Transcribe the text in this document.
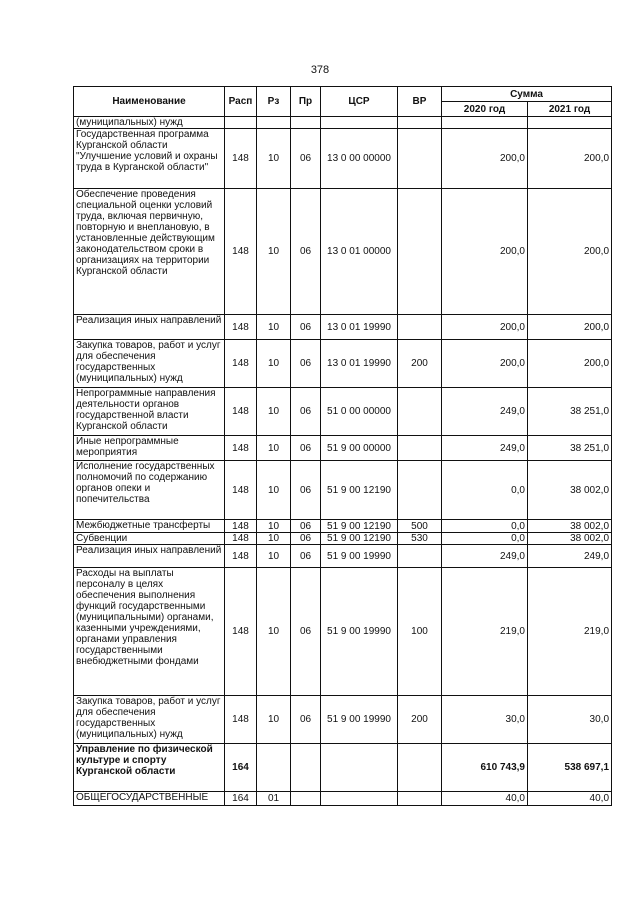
378
Наименование	Расп	Рз	Пр	ЦСР	ВР	Сумма	
						2020 год	2021 год
(муниципальных) нужд							
Государственная программа Курганской области "Улучшение условий и охраны труда в Курганской области"	148	10	06	13 0 00 00000		200,0	200,0
Обеспечение проведения специальной оценки условий труда, включая первичную, повторную и внеплановую, в установленные действующим законодательством сроки в организациях на территории Курганской области	148	10	06	13 0 01 00000		200,0	200,0
Реализация иных направлений	148	10	06	13 0 01 19990		200,0	200,0
Закупка товаров, работ и услуг для обеспечения государственных (муниципальных) нужд	148	10	06	13 0 01 19990	200	200,0	200,0
Непрограммные направления деятельности органов государственной власти Курганской области	148	10	06	51 0 00 00000		249,0	38 251,0
Иные непрограммные мероприятия	148	10	06	51 9 00 00000		249,0	38 251,0
Исполнение государственных полномочий по содержанию органов опеки и попечительства	148	10	06	51 9 00 12190		0,0	38 002,0
Межбюджетные трансферты	148	10	06	51 9 00 12190	500	0,0	38 002,0
Субвенции	148	10	06	51 9 00 12190	530	0,0	38 002,0
Реализация иных направлений	148	10	06	51 9 00 19990		249,0	249,0
Расходы на выплаты персоналу в целях обеспечения выполнения функций государственными (муниципальными) органами, казенными учреждениями, органами управления государственными внебюджетными фондами	148	10	06	51 9 00 19990	100	219,0	219,0
Закупка товаров, работ и услуг для обеспечения государственных (муниципальных) нужд	148	10	06	51 9 00 19990	200	30,0	30,0
Управление по физической культуре и спорту Курганской области	164					610 743,9	538 697,1
ОБЩЕГОСУДАРСТВЕННЫЕ	164	01				40,0	40,0
